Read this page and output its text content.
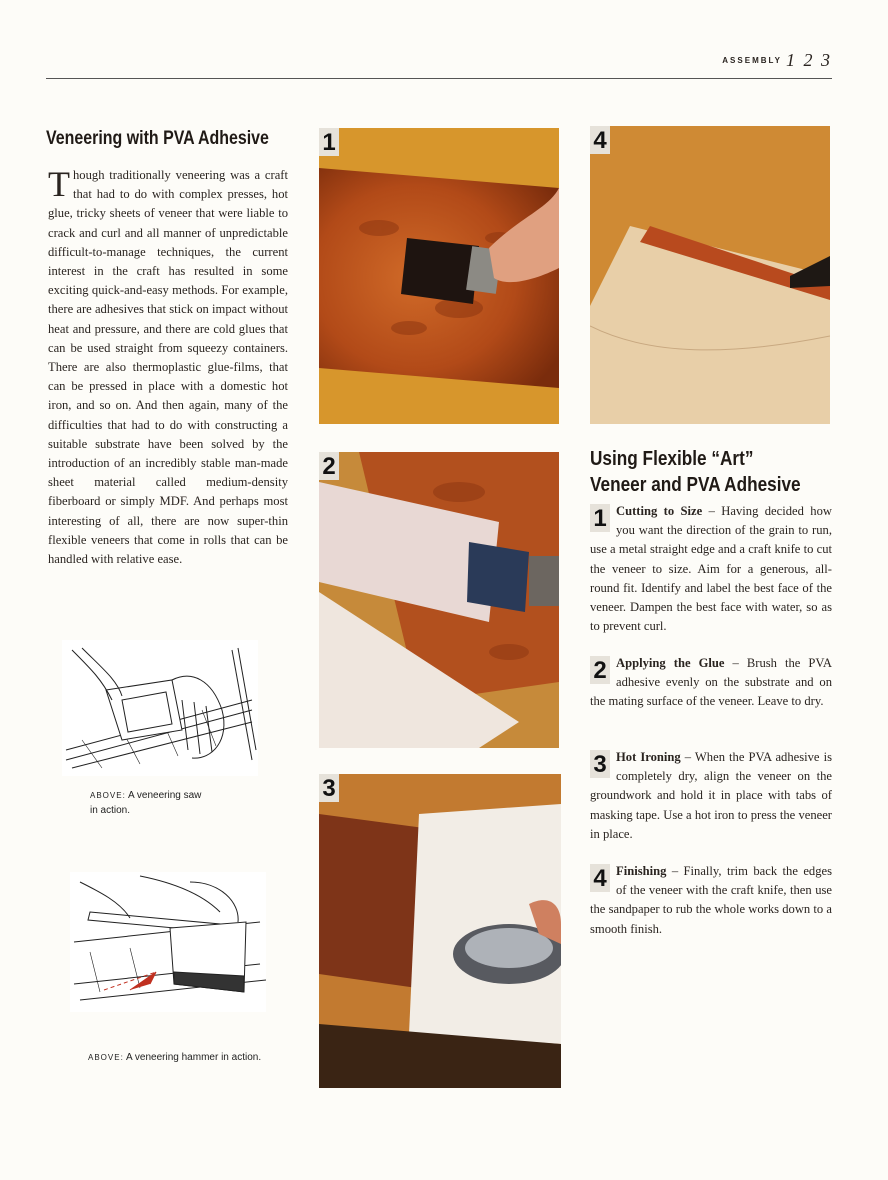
ASSEMBLY 1 2 3
Veneering with PVA Adhesive
Though traditionally veneering was a craft that had to do with complex presses, hot glue, tricky sheets of veneer that were liable to crack and curl and all manner of unpredictable difficult-to-manage techniques, the current interest in the craft has resulted in some exciting quick-and-easy methods. For example, there are adhesives that stick on impact without heat and pressure, and there are cold glues that can be used straight from squeezy containers. There are also thermoplastic glue-films, that can be pressed in place with a domestic hot iron, and so on. And then again, many of the difficulties that had to do with constructing a suitable substrate have been solved by the introduction of an incredibly stable man-made sheet material called medium-density fiberboard or simply MDF. And perhaps most interesting of all, there are now super-thin flexible veneers that come in rolls that can be handled with relative ease.
ABOVE: A veneering saw in action.
ABOVE: A veneering hammer in action.
1
2
3
4
Using Flexible “Art” Veneer and PVA Adhesive
1 Cutting to Size – Having decided how you want the direction of the grain to run, use a metal straight edge and a craft knife to cut the veneer to size. Aim for a generous, all-round fit. Identify and label the best face of the veneer. Dampen the best face with water, so as to prevent curl.
2 Applying the Glue – Brush the PVA adhesive evenly on the substrate and on the mating surface of the veneer. Leave to dry.
3 Hot Ironing – When the PVA adhesive is completely dry, align the veneer on the groundwork and hold it in place with tabs of masking tape. Use a hot iron to press the veneer in place.
4 Finishing – Finally, trim back the edges of the veneer with the craft knife, then use the sandpaper to rub the whole works down to a smooth finish.
